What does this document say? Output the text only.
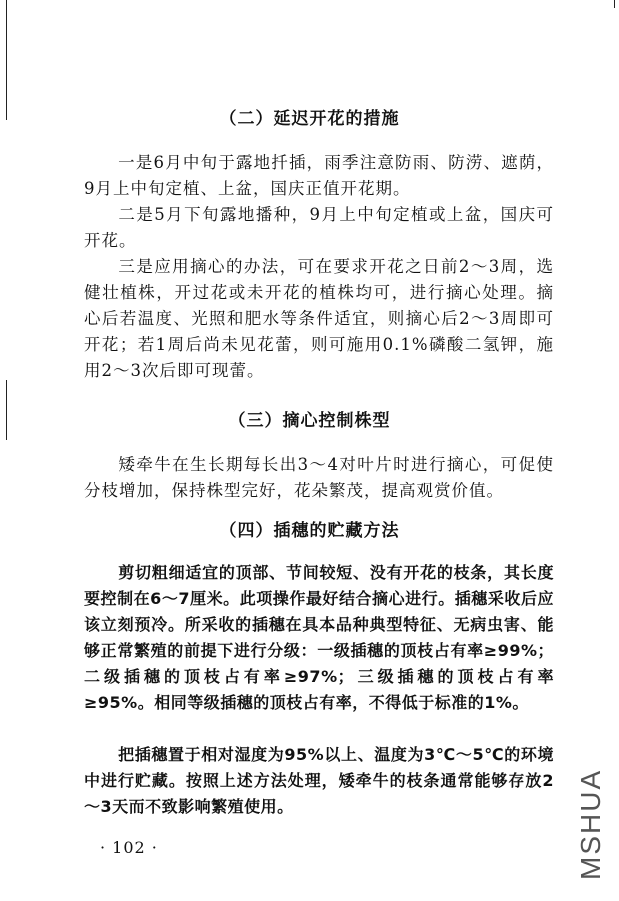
（二）延迟开花的措施

一是6月中旬于露地扦插，雨季注意防雨、防涝、遮荫，9月上中旬定植、上盆，国庆正值开花期。

二是5月下旬露地播种，9月上中旬定植或上盆，国庆可开花。

三是应用摘心的办法，可在要求开花之日前2～3周，选健壮植株，开过花或未开花的植株均可，进行摘心处理。摘心后若温度、光照和肥水等条件适宜，则摘心后2～3周即可开花；若1周后尚未见花蕾，则可施用0.1%磷酸二氢钾，施用2～3次后即可现蕾。

（三）摘心控制株型

矮牵牛在生长期每长出3～4对叶片时进行摘心，可促使分枝增加，保持株型完好，花朵繁茂，提高观赏价值。

（四）插穗的贮藏方法

剪切粗细适宜的顶部、节间较短、没有开花的枝条，其长度要控制在6～7厘米。此项操作最好结合摘心进行。插穗采收后应该立刻预冷。所采收的插穗在具本品种典型特征、无病虫害、能够正常繁殖的前提下进行分级：一级插穗的顶枝占有率≥99%；二级插穗的顶枝占有率≥97%；三级插穗的顶枝占有率≥95%。相同等级插穗的顶枝占有率，不得低于标准的1%。

把插穗置于相对湿度为95%以上、温度为3℃～5℃的环境中进行贮藏。按照上述方法处理，矮牵牛的枝条通常能够存放2～3天而不致影响繁殖使用。

· 102 ·	MSHUA
